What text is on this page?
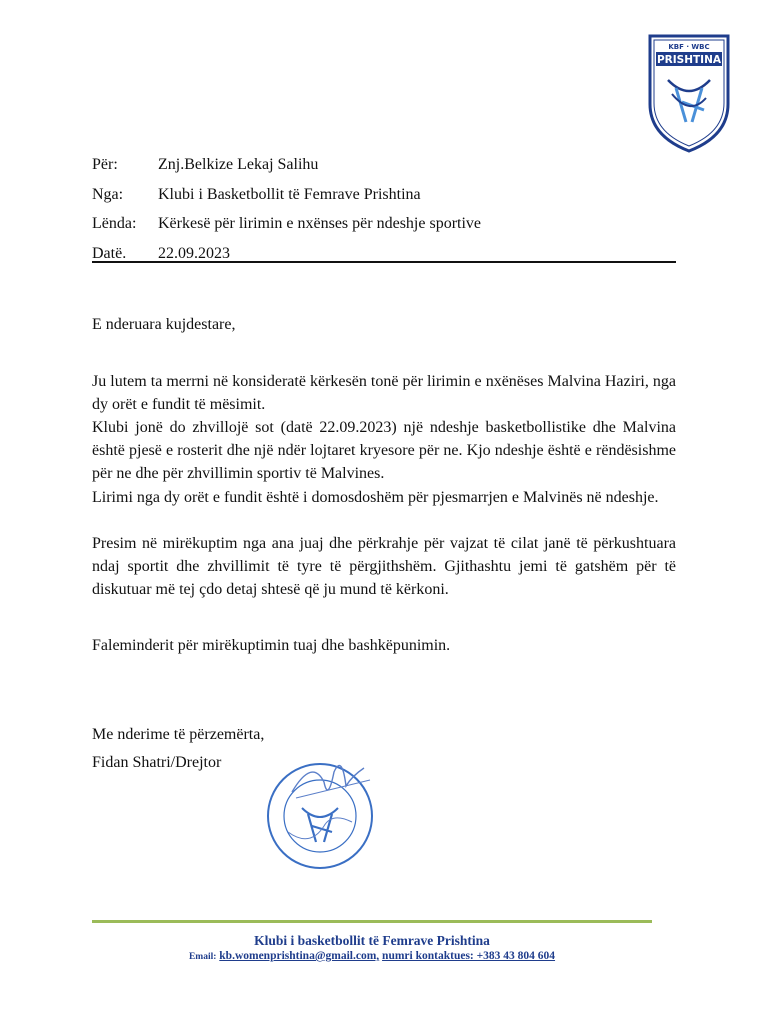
KBF · WBC
PRISHTINA
Për:	Znj.Belkize Lekaj Salihu
Nga:	Klubi i Basketbollit të Femrave Prishtina
Lënda:	Kërkesë për lirimin e nxënses për ndeshje sportive
Datë.	22.09.2023

E nderuara kujdestare,

Ju lutem ta merrni në konsideratë kërkesën tonë për lirimin e nxënëses Malvina Haziri, nga dy orët e fundit të mësimit.

Klubi jonë do zhvillojë sot (datë 22.09.2023) një ndeshje basketbollistike dhe Malvina është pjesë e rosterit dhe një ndër lojtaret kryesore për ne. Kjo ndeshje është e rëndësishme për ne dhe për zhvillimin sportiv të Malvines.

Lirimi nga dy orët e fundit është i domosdoshëm për pjesmarrjen e Malvinës në ndeshje.

Presim në mirëkuptim nga ana juaj dhe përkrahje për vajzat të cilat janë të përkushtuara ndaj sportit dhe zhvillimit të tyre të përgjithshëm. Gjithashtu jemi të gatshëm për të diskutuar më tej çdo detaj shtesë që ju mund të kërkoni.

Faleminderit për mirëkuptimin tuaj dhe bashkëpunimin.

Me nderime të përzemërta,

Fidan Shatri/Drejtor

Klubi i basketbollit të Femrave Prishtina
Email: kb.womenprishtina@gmail.com, numri kontaktues: +383 43 804 604
